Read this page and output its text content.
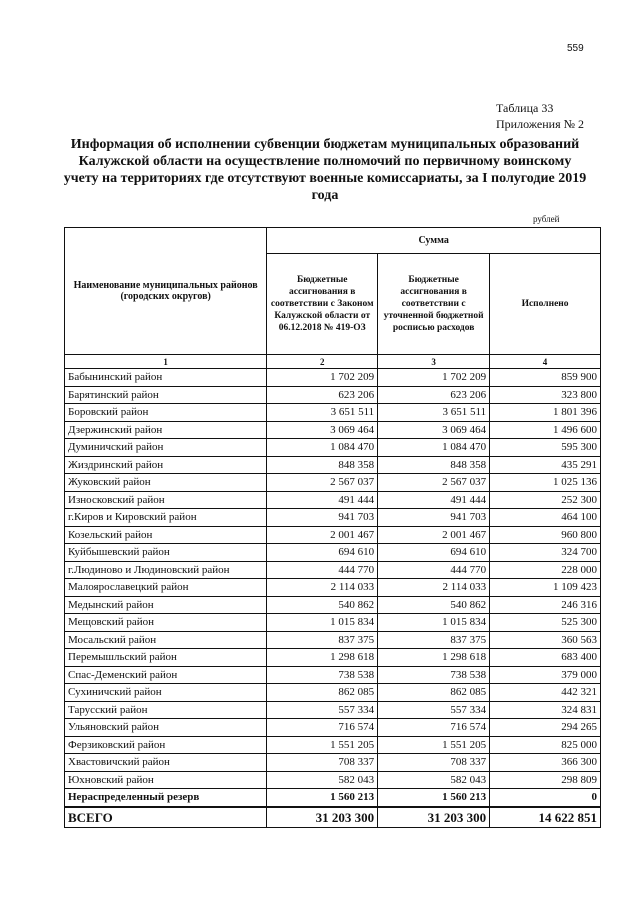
559
Таблица 33
Приложения № 2
Информация об исполнении субвенции бюджетам муниципальных образований Калужской области на осуществление полномочий по первичному воинскому учету на территориях где отсутствуют военные комиссариаты, за I полугодие 2019 года
рублей
Наименование муниципальных районов (городских округов)	Сумма		
	Бюджетные ассигнования в соответствии с Законом Калужской области от 06.12.2018 № 419-ОЗ	Бюджетные ассигнования в соответствии с уточненной бюджетной росписью расходов	Исполнено
1	2	3	4
Бабынинский район	1 702 209	1 702 209	859 900
Барятинский район	623 206	623 206	323 800
Боровский район	3 651 511	3 651 511	1 801 396
Дзержинский район	3 069 464	3 069 464	1 496 600
Думиничский район	1 084 470	1 084 470	595 300
Жиздринский район	848 358	848 358	435 291
Жуковский район	2 567 037	2 567 037	1 025 136
Износковский район	491 444	491 444	252 300
г.Киров и Кировский район	941 703	941 703	464 100
Козельский район	2 001 467	2 001 467	960 800
Куйбышевский район	694 610	694 610	324 700
г.Людиново и Людиновский район	444 770	444 770	228 000
Малоярославецкий район	2 114 033	2 114 033	1 109 423
Медынский район	540 862	540 862	246 316
Мещовский район	1 015 834	1 015 834	525 300
Мосальский район	837 375	837 375	360 563
Перемышльский район	1 298 618	1 298 618	683 400
Спас-Деменский район	738 538	738 538	379 000
Сухиничский район	862 085	862 085	442 321
Тарусский район	557 334	557 334	324 831
Ульяновский район	716 574	716 574	294 265
Ферзиковский район	1 551 205	1 551 205	825 000
Хвастовичский район	708 337	708 337	366 300
Юхновский район	582 043	582 043	298 809
Нераспределенный резерв	1 560 213	1 560 213	0
ВСЕГО	31 203 300	31 203 300	14 622 851
